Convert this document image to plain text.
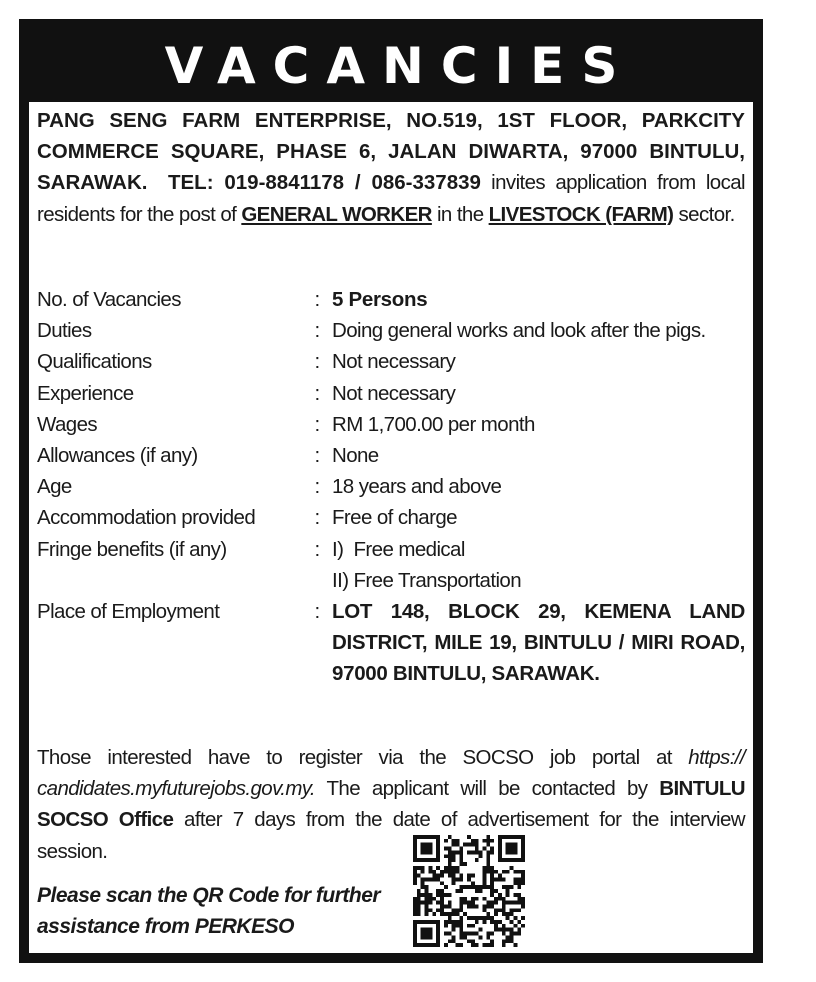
VACANCIES
PANG SENG FARM ENTERPRISE, NO.519, 1ST FLOOR, PARKCITY COMMERCE SQUARE, PHASE 6, JALAN DIWARTA, 97000 BINTULU, SARAWAK. TEL: 019-8841178 / 086-337839 invites application from local residents for the post of GENERAL WORKER in the LIVESTOCK (FARM) sector.
No. of Vacancies	: 5 Persons
Duties	: Doing general works and look after the pigs.
Qualifications	: Not necessary
Experience	: Not necessary
Wages	: RM 1,700.00 per month
Allowances (if any)	: None
Age	: 18 years and above
Accommodation provided	: Free of charge
Fringe benefits (if any)	: I)  Free medical
II) Free Transportation
Place of Employment	: LOT 148, BLOCK 29, KEMENA LAND DISTRICT, MILE 19, BINTULU / MIRI ROAD, 97000 BINTULU, SARAWAK.
Those interested have to register via the SOCSO job portal at https:// candidates.myfuturejobs.gov.my. The applicant will be contacted by BINTULU SOCSO Office after 7 days from the date of advertisement for the interview session.
Please scan the QR Code for further assistance from PERKESO
